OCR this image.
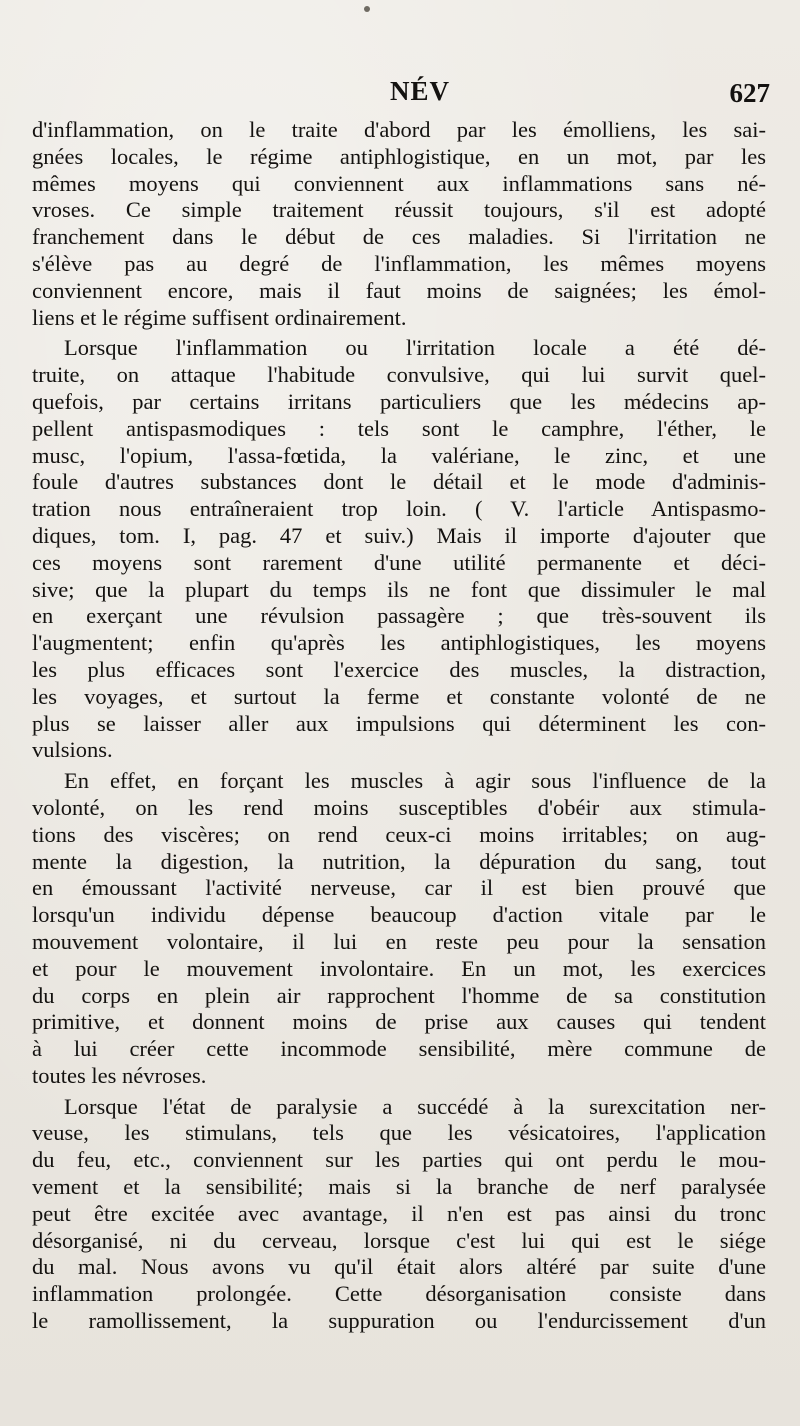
NÉV	627
d'inflammation, on le traite d'abord par les émolliens, les sai-
gnées locales, le régime antiphlogistique, en un mot, par les
mêmes moyens qui conviennent aux inflammations sans né-
vroses. Ce simple traitement réussit toujours, s'il est adopté
franchement dans le début de ces maladies. Si l'irritation ne
s'élève pas au degré de l'inflammation, les mêmes moyens
conviennent encore, mais il faut moins de saignées; les émol-
liens et le régime suffisent ordinairement.
Lorsque l'inflammation ou l'irritation locale a été dé-
truite, on attaque l'habitude convulsive, qui lui survit quel-
quefois, par certains irritans particuliers que les médecins ap-
pellent antispasmodiques : tels sont le camphre, l'éther, le
musc, l'opium, l'assa-fœtida, la valériane, le zinc, et une
foule d'autres substances dont le détail et le mode d'adminis-
tration nous entraîneraient trop loin. ( V. l'article Antispasmo-
diques, tom. I, pag. 47 et suiv.) Mais il importe d'ajouter que
ces moyens sont rarement d'une utilité permanente et déci-
sive; que la plupart du temps ils ne font que dissimuler le mal
en exerçant une révulsion passagère ; que très-souvent ils
l'augmentent; enfin qu'après les antiphlogistiques, les moyens
les plus efficaces sont l'exercice des muscles, la distraction,
les voyages, et surtout la ferme et constante volonté de ne
plus se laisser aller aux impulsions qui déterminent les con-
vulsions.
En effet, en forçant les muscles à agir sous l'influence de la
volonté, on les rend moins susceptibles d'obéir aux stimula-
tions des viscères; on rend ceux-ci moins irritables; on aug-
mente la digestion, la nutrition, la dépuration du sang, tout
en émoussant l'activité nerveuse, car il est bien prouvé que
lorsqu'un individu dépense beaucoup d'action vitale par le
mouvement volontaire, il lui en reste peu pour la sensation
et pour le mouvement involontaire. En un mot, les exercices
du corps en plein air rapprochent l'homme de sa constitution
primitive, et donnent moins de prise aux causes qui tendent
à lui créer cette incommode sensibilité, mère commune de
toutes les névroses.
Lorsque l'état de paralysie a succédé à la surexcitation ner-
veuse, les stimulans, tels que les vésicatoires, l'application
du feu, etc., conviennent sur les parties qui ont perdu le mou-
vement et la sensibilité; mais si la branche de nerf paralysée
peut être excitée avec avantage, il n'en est pas ainsi du tronc
désorganisé, ni du cerveau, lorsque c'est lui qui est le siége
du mal. Nous avons vu qu'il était alors altéré par suite d'une
inflammation prolongée. Cette désorganisation consiste dans
le ramollissement, la suppuration ou l'endurcissement d'un
